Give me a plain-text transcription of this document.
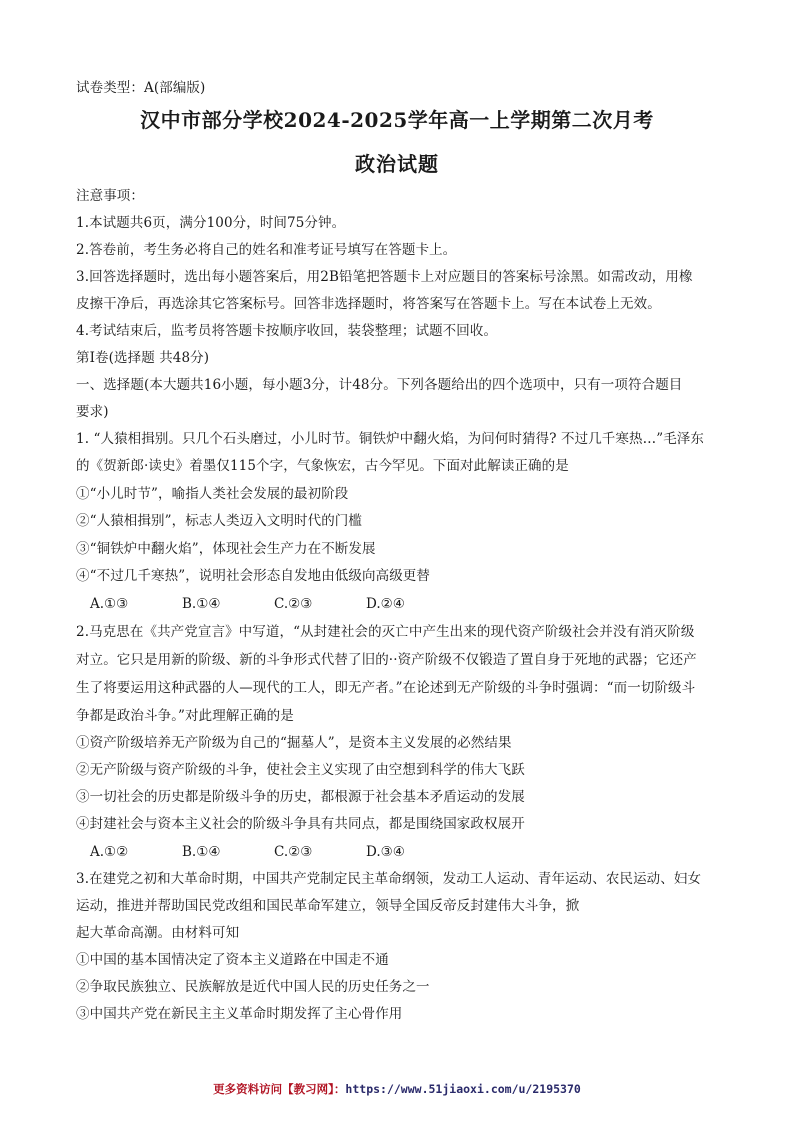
试卷类型：A(部编版)
汉中市部分学校2024-2025学年高一上学期第二次月考
政治试题
注意事项：
1.本试题共6页，满分100分，时间75分钟。
2.答卷前，考生务必将自己的姓名和准考证号填写在答题卡上。
3.回答选择题时，选出每小题答案后，用2B铅笔把答题卡上对应题目的答案标号涂黑。如需改动，用橡
皮擦干净后，再选涂其它答案标号。回答非选择题时，将答案写在答题卡上。写在本试卷上无效。
4.考试结束后，监考员将答题卡按顺序收回，装袋整理；试题不回收。
第Ⅰ卷(选择题 共48分)
一、选择题(本大题共16小题，每小题3分，计48分。下列各题给出的四个选项中，只有一项符合题目
要求)
1. “人猿相揖别。只几个石头磨过，小儿时节。铜铁炉中翻火焰，为问何时猜得? 不过几千寒热…”毛泽东
的《贺新郎·读史》着墨仅115个字，气象恢宏，古今罕见。下面对此解读正确的是
①“小儿时节”，喻指人类社会发展的最初阶段
②“人猿相揖别”，标志人类迈入文明时代的门槛
③“铜铁炉中翻火焰”，体现社会生产力在不断发展
④“不过几千寒热”，说明社会形态自发地由低级向高级更替
A.①③	B.①④	C.②③	D.②④
2.马克思在《共产党宣言》中写道，“从封建社会的灭亡中产生出来的现代资产阶级社会并没有消灭阶级
对立。它只是用新的阶级、新的斗争形式代替了旧的··资产阶级不仅锻造了置自身于死地的武器；它还产
生了将要运用这种武器的人—现代的工人，即无产者。”在论述到无产阶级的斗争时强调：“而一切阶级斗
争都是政治斗争。”对此理解正确的是
①资产阶级培养无产阶级为自己的“掘墓人”，是资本主义发展的必然结果
②无产阶级与资产阶级的斗争，使社会主义实现了由空想到科学的伟大飞跃
③一切社会的历史都是阶级斗争的历史，都根源于社会基本矛盾运动的发展
④封建社会与资本主义社会的阶级斗争具有共同点，都是围绕国家政权展开
A.①②	B.①④	C.②③	D.③④
3.在建党之初和大革命时期，中国共产党制定民主革命纲领，发动工人运动、青年运动、农民运动、妇女
运动，推进并帮助国民党改组和国民革命军建立，领导全国反帝反封建伟大斗争，掀
起大革命高潮。由材料可知
①中国的基本国情决定了资本主义道路在中国走不通
②争取民族独立、民族解放是近代中国人民的历史任务之一
③中国共产党在新民主主义革命时期发挥了主心骨作用
更多资料访问【教习网】：https://www.51jiaoxi.com/u/2195370
